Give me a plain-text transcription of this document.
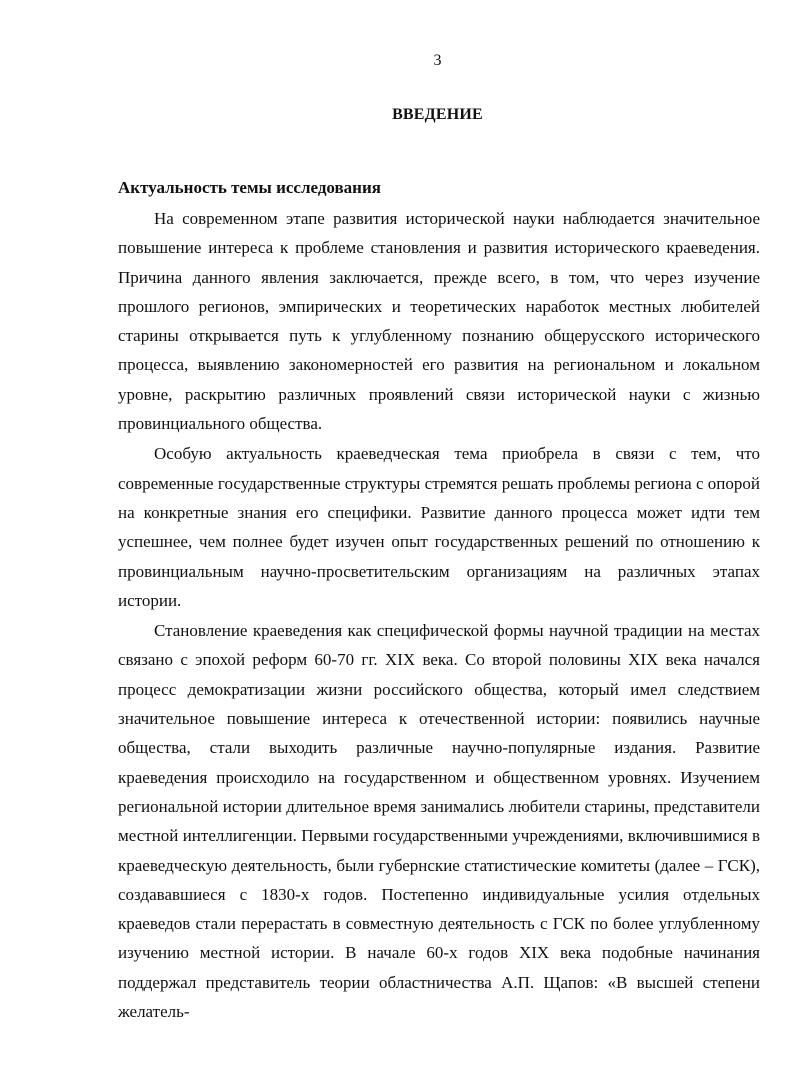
3
ВВЕДЕНИЕ
Актуальность темы исследования

На современном этапе развития исторической науки наблюдается значительное повышение интереса к проблеме становления и развития исторического краеведения. Причина данного явления заключается, прежде всего, в том, что через изучение прошлого регионов, эмпирических и теоретических наработок местных любителей старины открывается путь к углубленному познанию общерусского исторического процесса, выявлению закономерностей его развития на региональном и локальном уровне, раскрытию различных проявлений связи исторической науки с жизнью провинциального общества.

Особую актуальность краеведческая тема приобрела в связи с тем, что современные государственные структуры стремятся решать проблемы региона с опорой на конкретные знания его специфики. Развитие данного процесса может идти тем успешнее, чем полнее будет изучен опыт государственных решений по отношению к провинциальным научно-просветительским организациям на различных этапах истории.

Становление краеведения как специфической формы научной традиции на местах связано с эпохой реформ 60-70 гг. XIX века. Со второй половины XIX века начался процесс демократизации жизни российского общества, который имел следствием значительное повышение интереса к отечественной истории: появились научные общества, стали выходить различные научно-популярные издания. Развитие краеведения происходило на государственном и общественном уровнях. Изучением региональной истории длительное время занимались любители старины, представители местной интеллигенции. Первыми государственными учреждениями, включившимися в краеведческую деятельность, были губернские статистические комитеты (далее – ГСК), создававшиеся с 1830-х годов. Постепенно индивидуальные усилия отдельных краеведов стали перерастать в совместную деятельность с ГСК по более углубленному изучению местной истории. В начале 60-х годов XIX века подобные начинания поддержал представитель теории областничества А.П. Щапов: «В высшей степени желатель-
